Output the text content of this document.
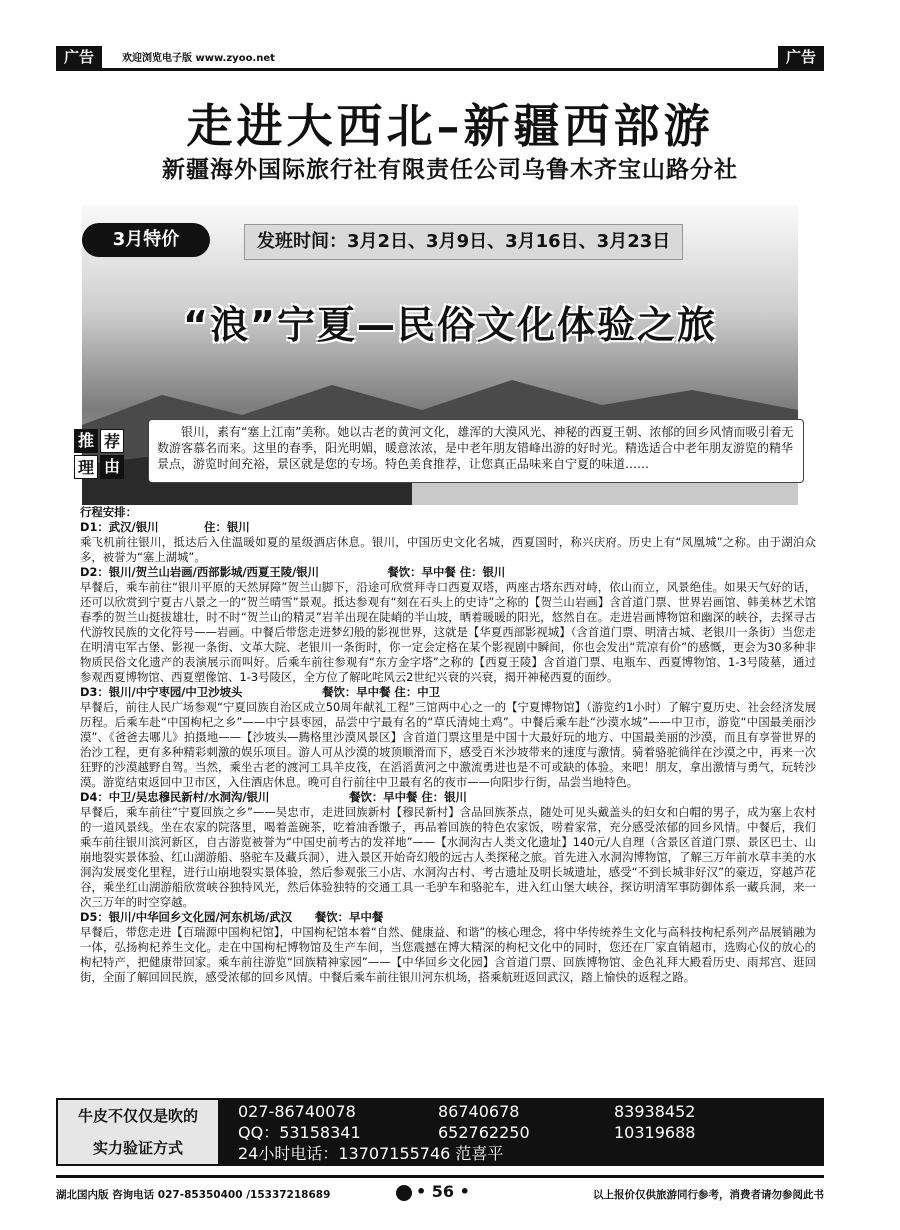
广告	欢迎浏览电子版 www.zyoo.net	广告
走进大西北–新疆西部游
新疆海外国际旅行社有限责任公司乌鲁木齐宝山路分社
3月特价	发班时间：3月2日、3月9日、3月16日、3月23日
“浪”宁夏—民俗文化体验之旅
推 荐
理 由
银川，素有“塞上江南”美称。她以古老的黄河文化，雄浑的大漠风光、神秘的西夏王朝、浓郁的回乡风情而吸引着无数游客慕名而来。这里的春季，阳光明媚，暖意浓浓，是中老年朋友错峰出游的好时光。精选适合中老年朋友游览的精华景点，游览时间充裕，景区就是您的专场。特色美食推荐，让您真正品味来自宁夏的味道……
行程安排：
D1：武汉/银川　　　　住：银川
乘飞机前往银川，抵达后入住温暖如夏的星级酒店休息。银川，中国历史文化名城，西夏国时，称兴庆府。历史上有“凤凰城”之称。由于湖泊众多，被誉为“塞上湖城”。
D2：银川/贺兰山岩画/西部影城/西夏王陵/银川　　　　　　餐饮：早中餐 住：银川
早餐后，乘车前往“银川平原的天然屏障”贺兰山脚下，沿途可欣赏拜寺口西夏双塔，两座古塔东西对峙，依山而立，风景绝佳。如果天气好的话，还可以欣赏到宁夏古八景之一的“贺兰晴雪”景观。抵达参观有“刻在石头上的史诗”之称的【贺兰山岩画】含首道门票、世界岩画馆、韩美林艺术馆春季的贺兰山挺拔雄壮，时不时“贺兰山的精灵”岩羊出现在陡峭的半山坡，晒着暖暖的阳光，悠然自在。走进岩画博物馆和幽深的峡谷，去探寻古代游牧民族的文化符号——岩画。中餐后带您走进梦幻般的影视世界，这就是【华夏西部影视城】（含首道门票、明清古城、老银川一条街）当您走在明清屯军古堡、影视一条街、文革大院、老银川一条街时，你一定会定格在某个影视剧中瞬间，你也会发出“荒凉有价”的感慨，更会为30多种非物质民俗文化遗产的表演展示而叫好。后乘车前往参观有“东方金字塔”之称的【西夏王陵】含首道门票、电瓶车、西夏博物馆、1-3号陵墓，通过参观西夏博物馆、西夏塑像馆、1-3号陵区，全方位了解叱咤风云2世纪兴衰的兴衰，揭开神秘西夏的面纱。
D3：银川/中宁枣园/中卫沙坡头　　　　　　　餐饮：早中餐 住：中卫
早餐后，前往人民广场参观“宁夏回族自治区成立50周年献礼工程”三馆两中心之一的【宁夏博物馆】（游览约1小时）了解宁夏历史、社会经济发展历程。后乘车赴“中国枸杞之乡”——中宁县枣园，品尝中宁最有名的“草氏清炖土鸡”。中餐后乘车赴“沙漠水城”——中卫市，游览“中国最美丽沙漠”、《爸爸去哪儿》拍摄地——【沙坡头—腾格里沙漠风景区】含首道门票这里是中国十大最好玩的地方、中国最美丽的沙漠，而且有享誉世界的治沙工程，更有多种精彩刺激的娱乐项目。游人可从沙漠的坡顶顺滑而下，感受百米沙坡带来的速度与激情。骑着骆驼徜徉在沙漠之中，再来一次狂野的沙漠越野自驾。当然，乘坐古老的渡河工具羊皮筏，在滔滔黄河之中激流勇进也是不可或缺的体验。来吧！朋友，拿出激情与勇气，玩转沙漠。游览结束返回中卫市区，入住酒店休息。晚可自行前往中卫最有名的夜市——向阳步行街，品尝当地特色。
D4：中卫/吴忠穆民新村/水洞沟/银川　　　　　　　餐饮：早中餐 住：银川
早餐后，乘车前往“宁夏回族之乡”——吴忠市，走进回族新村【穆民新村】含品回族茶点，随处可见头戴盖头的妇女和白帽的男子，成为塞上农村的一道风景线。坐在农家的院落里，喝着盖碗茶，吃着油香馓子，再品着回族的特色农家饭，唠着家常，充分感受浓郁的回乡风情。中餐后，我们乘车前往银川滨河新区，自古游览被誉为“中国史前考古的发祥地”——【水洞沟古人类文化遗址】140元/人自理（含景区首道门票、景区巴士、山崩地裂实景体验、红山湖游船、骆驼车及藏兵洞），进入景区开始奇幻般的远古人类探秘之旅。首先进入水洞沟博物馆，了解三万年前水草丰美的水洞沟发展变化里程，进行山崩地裂实景体验，然后参观张三小店、水洞沟古村、考古遗址及明长城遗址，感受“不到长城非好汉”的豪迈，穿越芦花谷，乘坐红山湖游船欣赏峡谷独特风光，然后体验独特的交通工具一毛驴车和骆驼车，进入红山堡大峡谷，探访明清军事防御体系一藏兵洞，来一次三万年的时空穿越。
D5：银川/中华回乡文化园/河东机场/武汉　　餐饮：早中餐
早餐后，带您走进【百瑞源中国枸杞馆】，中国枸杞馆本着“自然、健康益、和谐”的核心理念，将中华传统养生文化与高科技枸杞系列产品展销融为一体，弘扬枸杞养生文化。走在中国枸杞博物馆及生产车间，当您震撼在博大精深的枸杞文化中的同时，您还在厂家直销超市，选购心仪的放心的枸杞特产，把健康带回家。乘车前往游览“回族精神家园”——【中华回乡文化园】含首道门票、回族博物馆、金色礼拜大殿看历史、雨邦宫、逛回街，全面了解回回民族，感受浓郁的回乡风情。中餐后乘车前往银川河东机场，搭乘航班返回武汉，踏上愉快的返程之路。
牛皮不仅仅是吹的
实力验证方式
027-86740078	86740678	83938452
QQ：53158341	652762250	10319688
24小时电话：13707155746 范喜平
湖北国内版 咨询电话 027-85350400 /15337218689	• 56 •	以上报价仅供旅游同行参考，消费者请勿参阅此书
